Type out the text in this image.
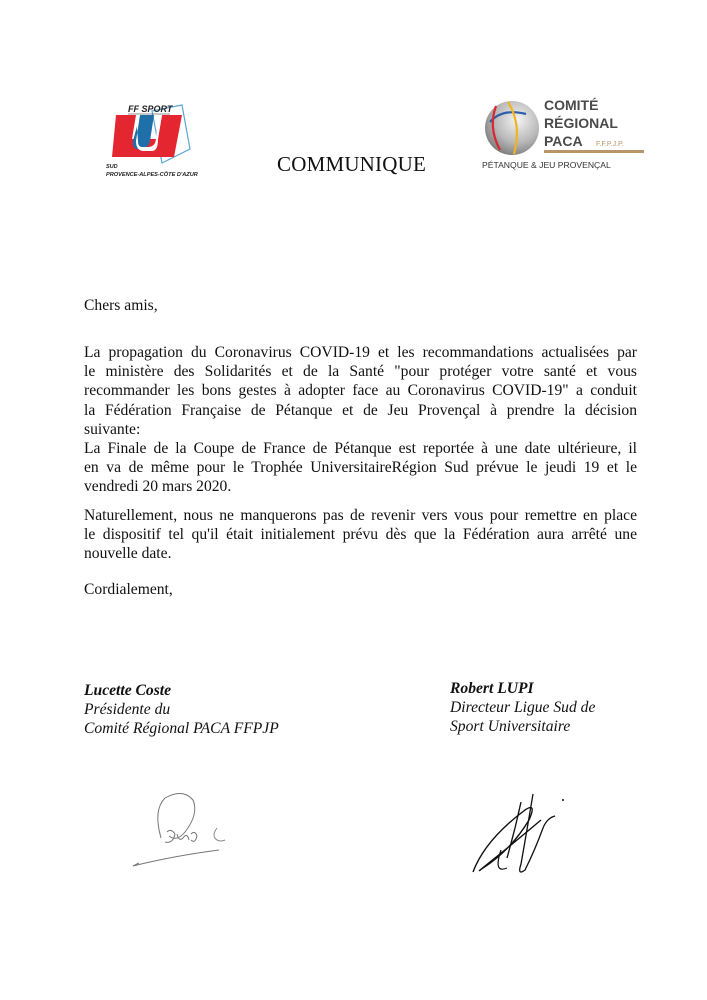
FF SPORT
SUD
PROVENCE-ALPES-CÔTE D'AZUR
COMITÉ
RÉGIONAL
PACA F.F.P.J.P.
PÉTANQUE & JEU PROVENÇAL
COMMUNIQUE
Chers amis,
La propagation du Coronavirus COVID-19 et les recommandations actualisées par
le ministère des Solidarités et de la Santé "pour protéger votre santé et vous
recommander les bons gestes à adopter face au Coronavirus COVID-19" a conduit
la Fédération Française de Pétanque et de Jeu Provençal à prendre la décision
suivante:
La Finale de la Coupe de France de Pétanque est reportée à une date ultérieure, il
en va de même pour le Trophée UniversitaireRégion Sud prévue le jeudi 19 et le
vendredi 20 mars 2020.
Naturellement, nous ne manquerons pas de revenir vers vous pour remettre en place
le dispositif tel qu'il était initialement prévu dès que la Fédération aura arrêté une
nouvelle date.
Cordialement,
Lucette Coste
Présidente du
Comité Régional PACA FFPJP
Robert LUPI
Directeur Ligue Sud de
Sport Universitaire
